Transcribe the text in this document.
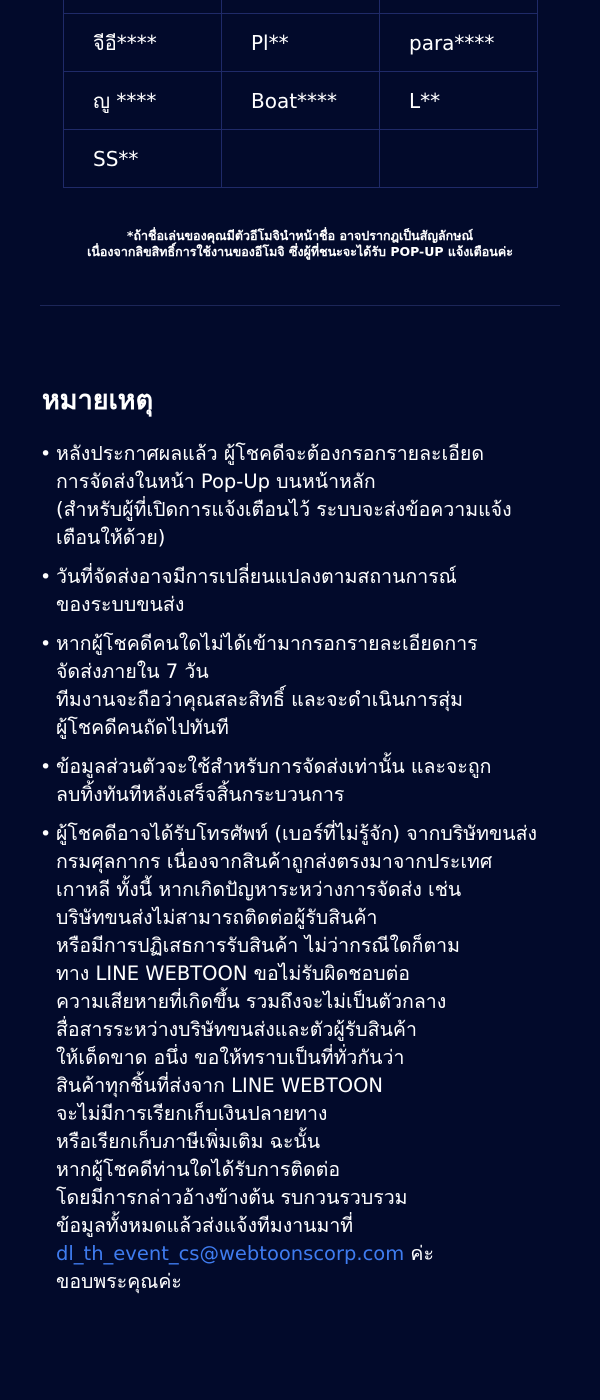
จีอี****	Pl**	para****
ญู ****	Boat****	L**
SS**		
*ถ้าชื่อเล่นของคุณมีตัวอีโมจินำหน้าชื่อ อาจปรากฎเป็นสัญลักษณ์
เนื่องจากลิขสิทธิ์การใช้งานของอีโมจิ ซึ่งผู้ที่ชนะจะได้รับ POP-UP แจ้งเตือนค่ะ
หมายเหตุ
• หลังประกาศผลแล้ว ผู้โชคดีจะต้องกรอกรายละเอียด
การจัดส่งในหน้า Pop-Up บนหน้าหลัก
(สำหรับผู้ที่เปิดการแจ้งเตือนไว้ ระบบจะส่งข้อความแจ้ง
เตือนให้ด้วย)
• วันที่จัดส่งอาจมีการเปลี่ยนแปลงตามสถานการณ์
ของระบบขนส่ง
• หากผู้โชคดีคนใดไม่ได้เข้ามากรอกรายละเอียดการ
จัดส่งภายใน 7 วัน
ทีมงานจะถือว่าคุณสละสิทธิ์ และจะดำเนินการสุ่ม
ผู้โชคดีคนถัดไปทันที
• ข้อมูลส่วนตัวจะใช้สำหรับการจัดส่งเท่านั้น และจะถูก
ลบทิ้งทันทีหลังเสร็จสิ้นกระบวนการ
• ผู้โชคดีอาจได้รับโทรศัพท์ (เบอร์ที่ไม่รู้จัก) จากบริษัทขนส่ง
กรมศุลกากร เนื่องจากสินค้าถูกส่งตรงมาจากประเทศ
เกาหลี ทั้งนี้ หากเกิดปัญหาระหว่างการจัดส่ง เช่น
บริษัทขนส่งไม่สามารถติดต่อผู้รับสินค้า
หรือมีการปฏิเสธการรับสินค้า ไม่ว่ากรณีใดก็ตาม
ทาง LINE WEBTOON ขอไม่รับผิดชอบต่อ
ความเสียหายที่เกิดขึ้น รวมถึงจะไม่เป็นตัวกลาง
สื่อสารระหว่างบริษัทขนส่งและตัวผู้รับสินค้า
ให้เด็ดขาด อนึ่ง ขอให้ทราบเป็นที่ทั่วกันว่า
สินค้าทุกชิ้นที่ส่งจาก LINE WEBTOON
จะไม่มีการเรียกเก็บเงินปลายทาง
หรือเรียกเก็บภาษีเพิ่มเติม ฉะนั้น
หากผู้โชคดีท่านใดได้รับการติดต่อ
โดยมีการกล่าวอ้างข้างต้น รบกวนรวบรวม
ข้อมูลทั้งหมดแล้วส่งแจ้งทีมงานมาที่
dl_th_event_cs@webtoonscorp.com ค่ะ
ขอบพระคุณค่ะ
